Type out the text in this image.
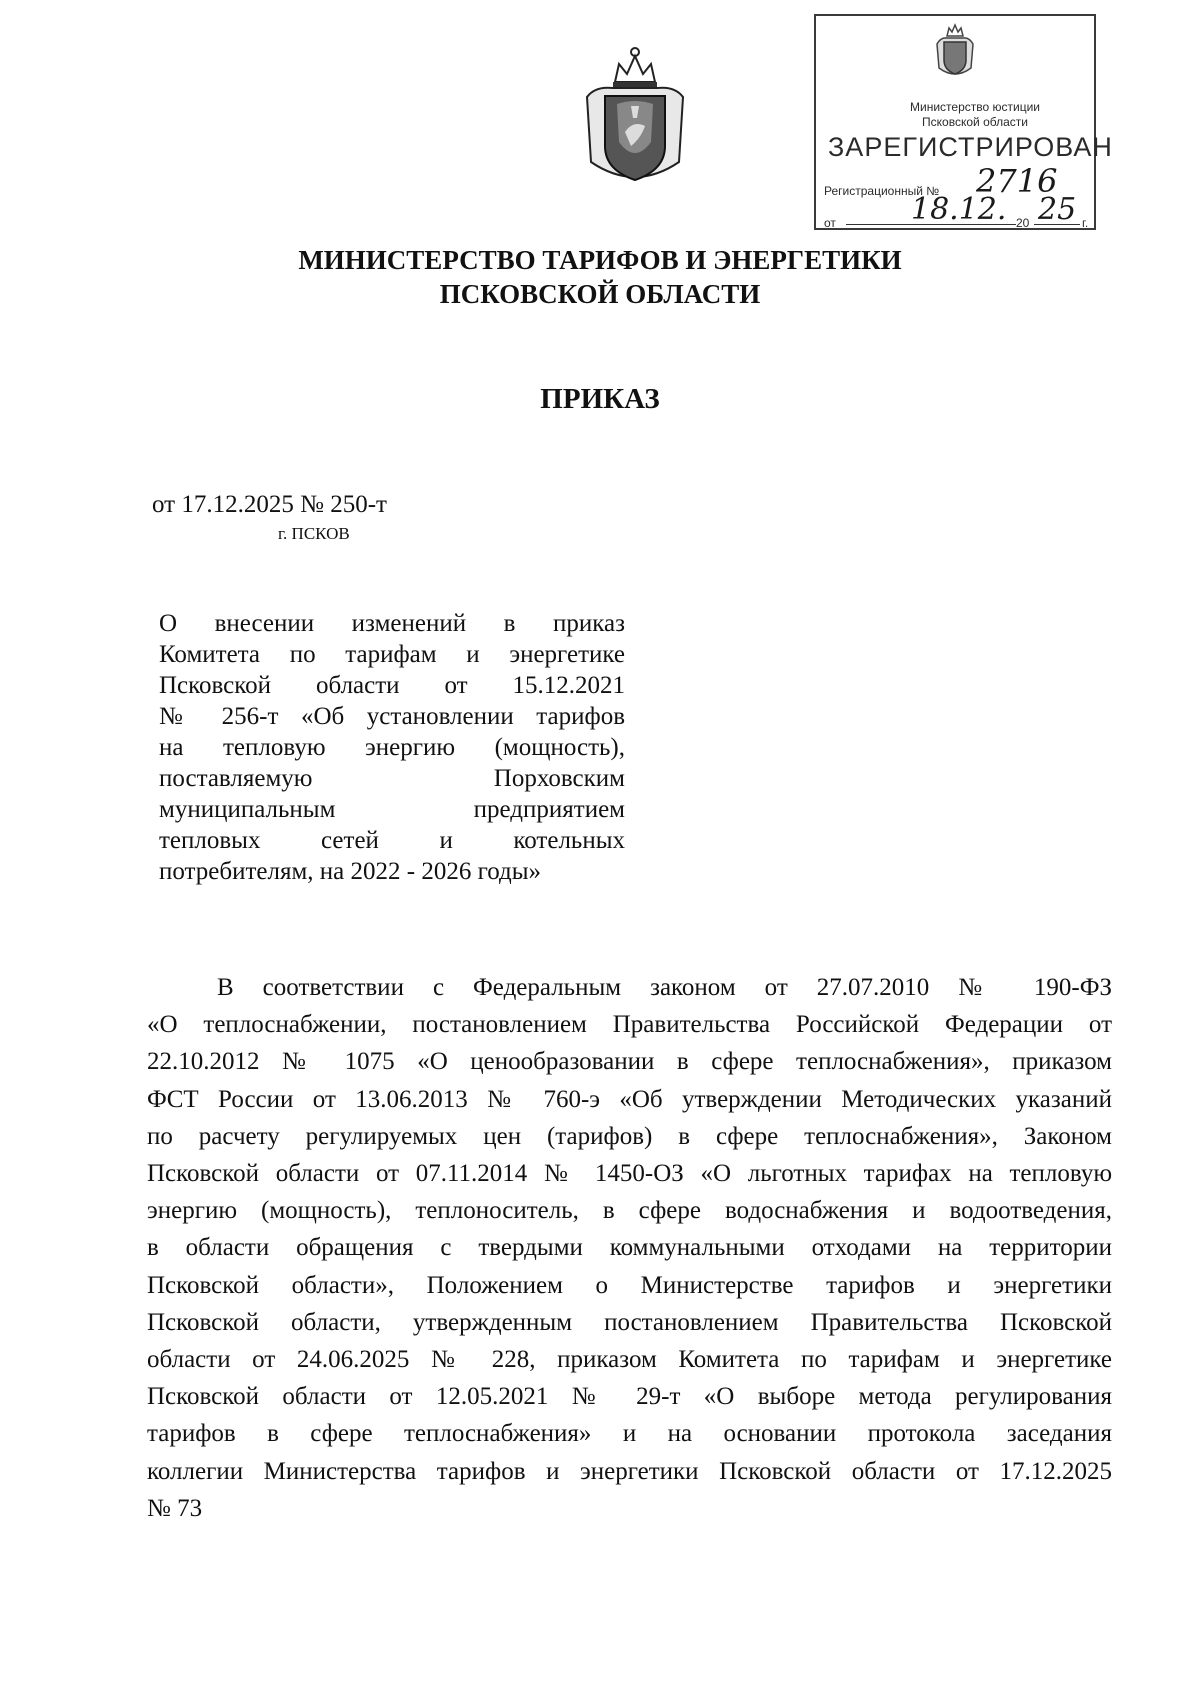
Министерство юстиции
Псковской области
ЗАРЕГИСТРИРОВАН
Регистрационный № 2716
от	18.12. 20 25 г.
МИНИСТЕРСТВО ТАРИФОВ И ЭНЕРГЕТИКИ
ПСКОВСКОЙ ОБЛАСТИ
ПРИКАЗ
от 17.12.2025 № 250-т
г. ПСКОВ
О внесении изменений в приказ
Комитета по тарифам и энергетике
Псковской области от 15.12.2021
№ 256-т «Об установлении тарифов
на тепловую энергию (мощность),
поставляемую Порховским
муниципальным предприятием
тепловых сетей и котельных
потребителям, на 2022 - 2026 годы»
В соответствии с Федеральным законом от 27.07.2010 № 190-ФЗ
«О теплоснабжении, постановлением Правительства Российской Федерации от
22.10.2012 № 1075 «О ценообразовании в сфере теплоснабжения», приказом
ФСТ России от 13.06.2013 № 760-э «Об утверждении Методических указаний
по расчету регулируемых цен (тарифов) в сфере теплоснабжения», Законом
Псковской области от 07.11.2014 № 1450-ОЗ «О льготных тарифах на тепловую
энергию (мощность), теплоноситель, в сфере водоснабжения и водоотведения,
в области обращения с твердыми коммунальными отходами на территории
Псковской области», Положением о Министерстве тарифов и энергетики
Псковской области, утвержденным постановлением Правительства Псковской
области от 24.06.2025 № 228, приказом Комитета по тарифам и энергетике
Псковской области от 12.05.2021 № 29-т «О выборе метода регулирования
тарифов в сфере теплоснабжения» и на основании протокола заседания
коллегии Министерства тарифов и энергетики Псковской области от 17.12.2025
№ 73
